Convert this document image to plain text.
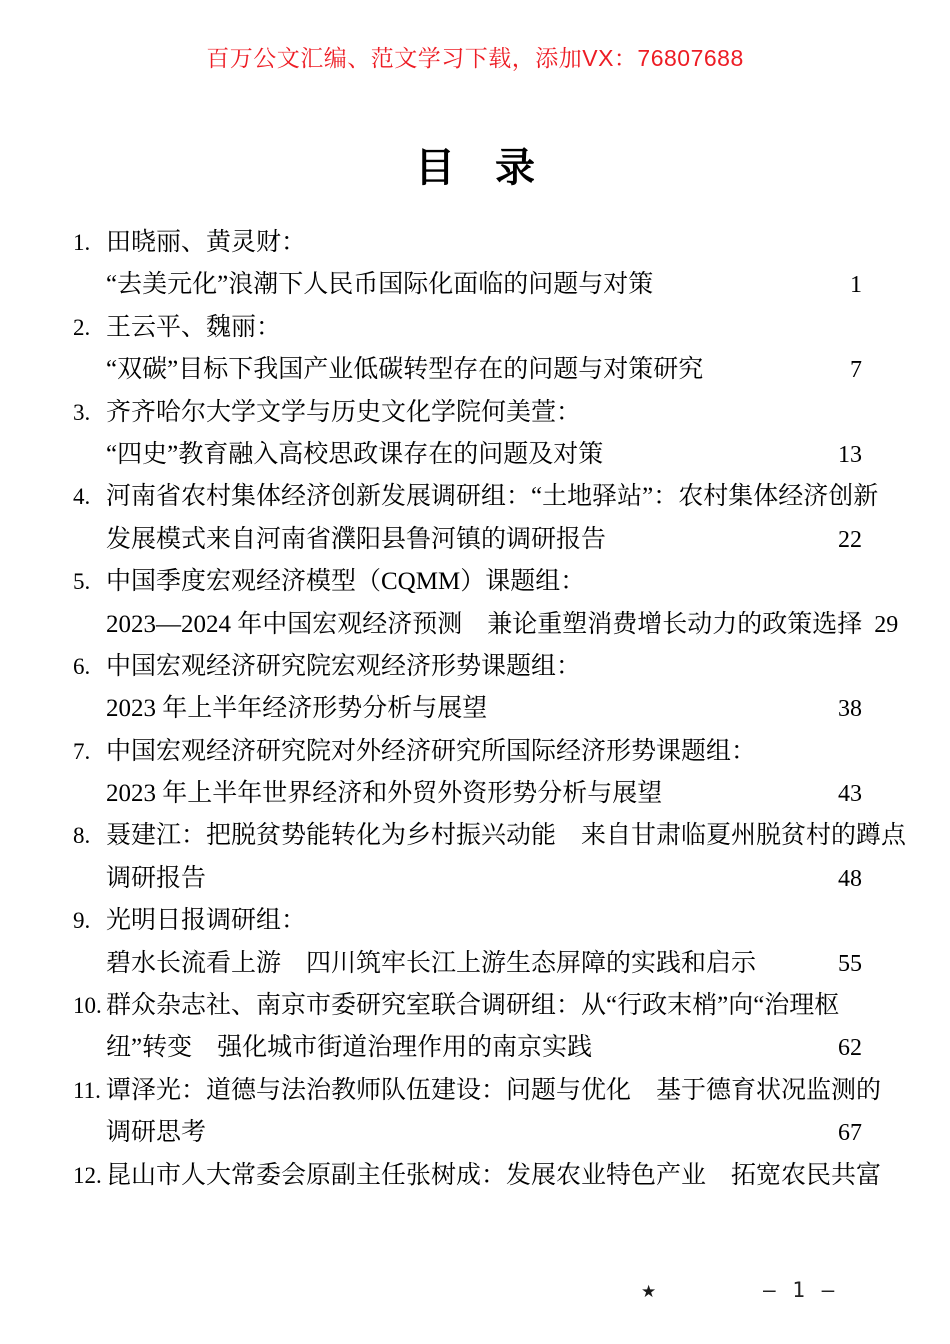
百万公文汇编、范文学习下载，添加VX：76807688
目　录
1. 田晓丽、黄灵财：
“去美元化”浪潮下人民币国际化面临的问题与对策	1
2. 王云平、魏丽：
“双碳”目标下我国产业低碳转型存在的问题与对策研究	7
3. 齐齐哈尔大学文学与历史文化学院何美萱：
“四史”教育融入高校思政课存在的问题及对策	13
4. 河南省农村集体经济创新发展调研组：“土地驿站”：农村集体经济创新
发展模式来自河南省濮阳县鲁河镇的调研报告	22
5. 中国季度宏观经济模型（CQMM）课题组：
2023—2024 年中国宏观经济预测　兼论重塑消费增长动力的政策选择 29
6. 中国宏观经济研究院宏观经济形势课题组：
2023 年上半年经济形势分析与展望	38
7. 中国宏观经济研究院对外经济研究所国际经济形势课题组：
2023 年上半年世界经济和外贸外资形势分析与展望	43
8. 聂建江：把脱贫势能转化为乡村振兴动能　来自甘肃临夏州脱贫村的蹲点
调研报告	48
9. 光明日报调研组：
碧水长流看上游　四川筑牢长江上游生态屏障的实践和启示	55
10. 群众杂志社、南京市委研究室联合调研组：从“行政末梢”向“治理枢
纽”转变　强化城市街道治理作用的南京实践	62
11. 谭泽光：道德与法治教师队伍建设：问题与优化　基于德育状况监测的
调研思考	67
12. 昆山市人大常委会原副主任张树成：发展农业特色产业　拓宽农民共富
★	— 1 —
